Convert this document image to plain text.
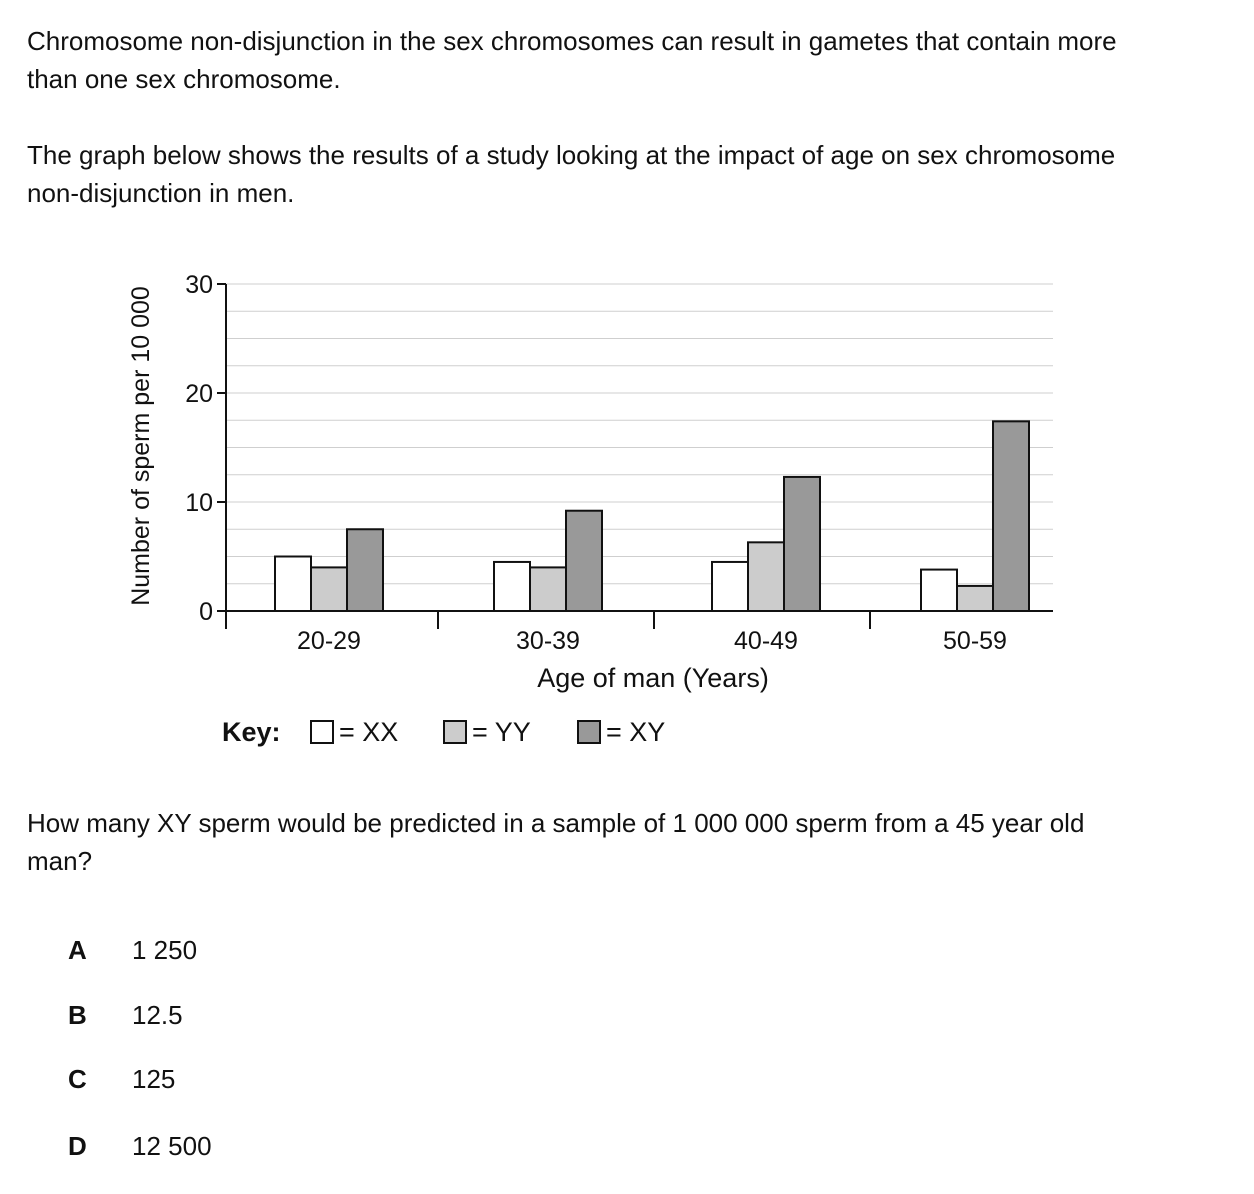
Chromosome non-disjunction in the sex chromosomes can result in gametes that contain more than one sex chromosome.

The graph below shows the results of a study looking at the impact of age on sex chromosome non-disjunction in men.

0
10
20
30
20-29	30-39	40-49	50-59
Age of man (Years)
Number of sperm per 10 000
Key: = XX	= YY	= XY

How many XY sperm would be predicted in a sample of 1 000 000 sperm from a 45 year old man?

A	1 250
B	12.5
C	125
D	12 500
